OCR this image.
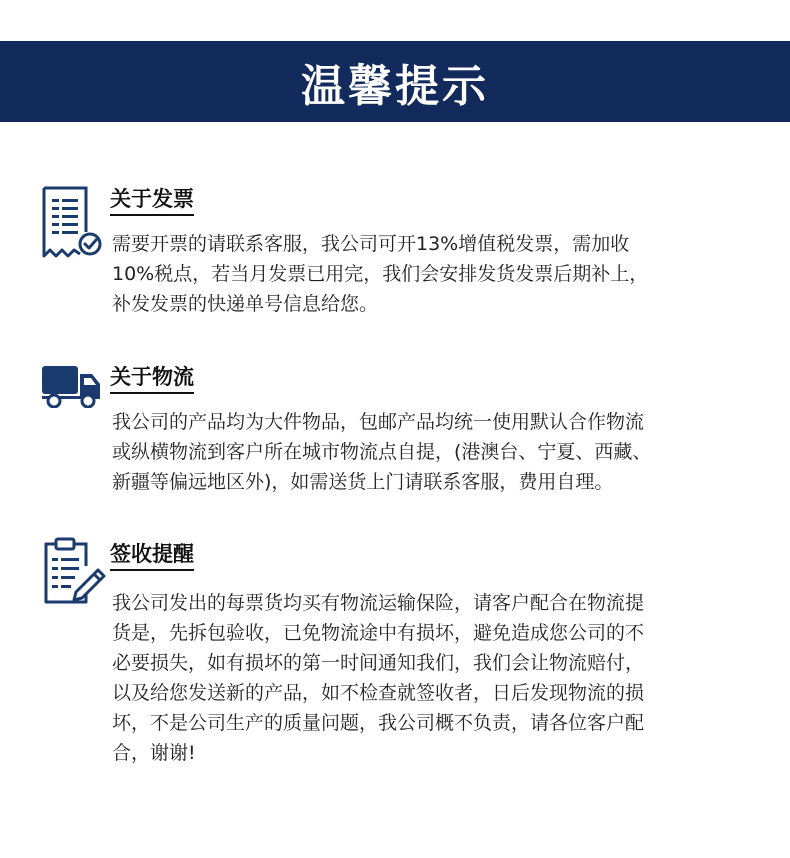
温馨提示
关于发票
需要开票的请联系客服，我公司可开13%增值税发票，需加收
10%税点，若当月发票已用完，我们会安排发货发票后期补上，
补发发票的快递单号信息给您。
关于物流
我公司的产品均为大件物品，包邮产品均统一使用默认合作物流
或纵横物流到客户所在城市物流点自提，(港澳台、宁夏、西藏、
新疆等偏远地区外)，如需送货上门请联系客服，费用自理。
签收提醒
我公司发出的每票货均买有物流运输保险，请客户配合在物流提
货是，先拆包验收，已免物流途中有损坏，避免造成您公司的不
必要损失，如有损坏的第一时间通知我们，我们会让物流赔付，
以及给您发送新的产品，如不检查就签收者，日后发现物流的损
坏，不是公司生产的质量问题，我公司概不负责，请各位客户配
合，谢谢!
